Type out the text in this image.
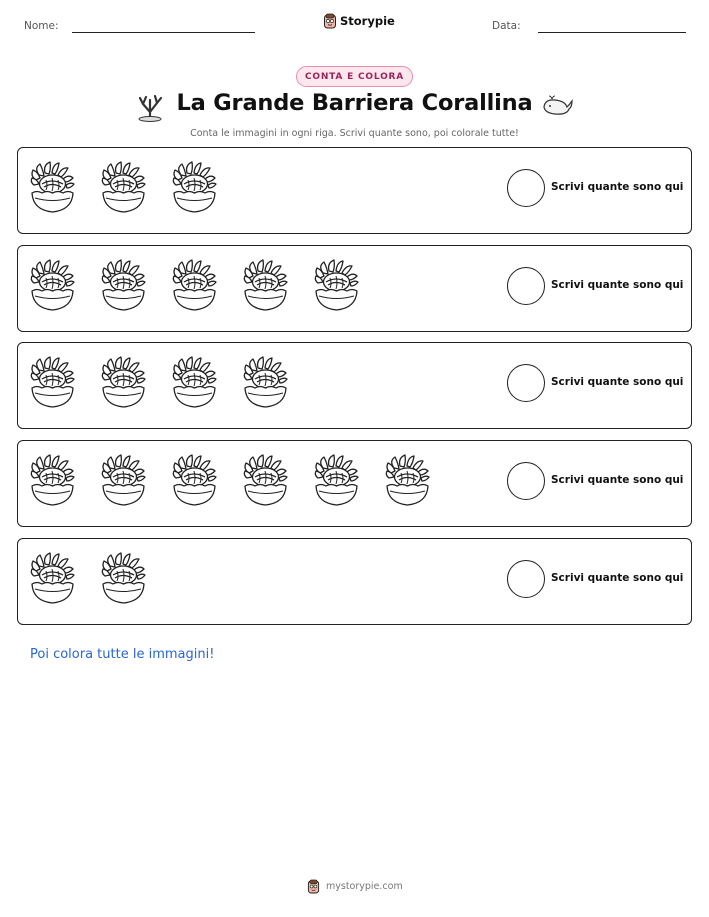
Nome:	Storypie	Data:
CONTA E COLORA
La Grande Barriera Corallina
Conta le immagini in ogni riga. Scrivi quante sono, poi colorale tutte!
Scrivi quante sono qui
Scrivi quante sono qui
Scrivi quante sono qui
Scrivi quante sono qui
Scrivi quante sono qui
Poi colora tutte le immagini!
mystorypie.com
